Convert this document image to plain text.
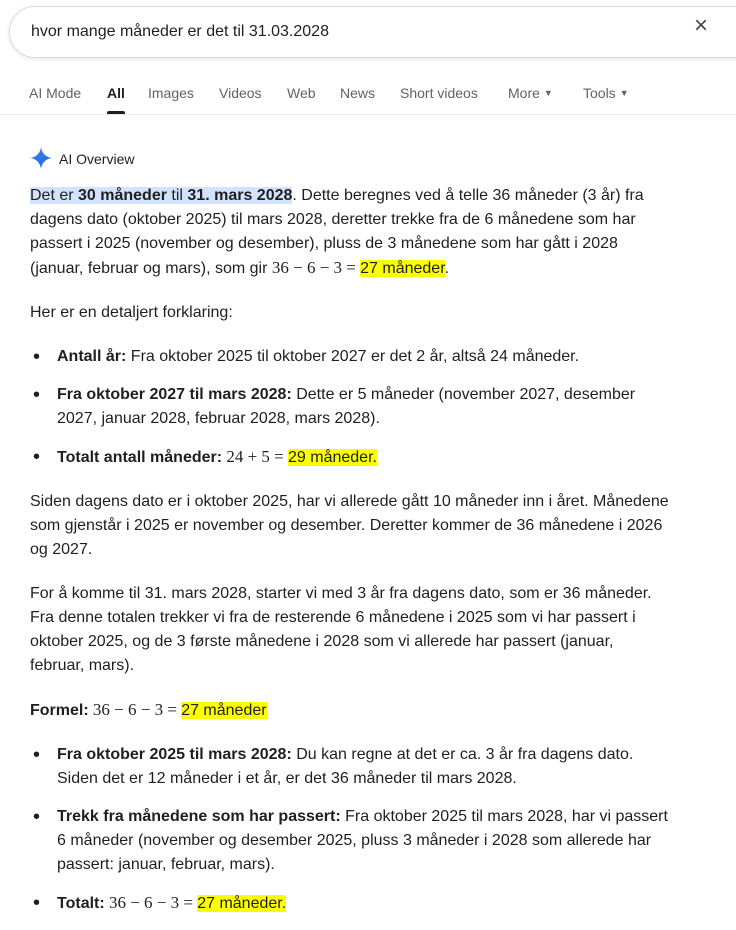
hvor mange måneder er det til 31.03.2028	×
AI Mode All Images Videos Web News Short videos More ▼ Tools ▼
AI Overview

Det er 30 måneder til 31. mars 2028. Dette beregnes ved å telle 36 måneder (3 år) fra dagens dato (oktober 2025) til mars 2028, deretter trekke fra de 6 månedene som har passert i 2025 (november og desember), pluss de 3 månedene som har gått i 2028 (januar, februar og mars), som gir 36 − 6 − 3 = 27 måneder.

Her er en detaljert forklaring:

• Antall år: Fra oktober 2025 til oktober 2027 er det 2 år, altså 24 måneder.
• Fra oktober 2027 til mars 2028: Dette er 5 måneder (november 2027, desember 2027, januar 2028, februar 2028, mars 2028).
• Totalt antall måneder: 24 + 5 = 29 måneder.

Siden dagens dato er i oktober 2025, har vi allerede gått 10 måneder inn i året. Månedene som gjenstår i 2025 er november og desember. Deretter kommer de 36 månedene i 2026 og 2027.

For å komme til 31. mars 2028, starter vi med 3 år fra dagens dato, som er 36 måneder. Fra denne totalen trekker vi fra de resterende 6 månedene i 2025 som vi har passert i oktober 2025, og de 3 første månedene i 2028 som vi allerede har passert (januar, februar, mars).

Formel: 36 − 6 − 3 = 27 måneder

• Fra oktober 2025 til mars 2028: Du kan regne at det er ca. 3 år fra dagens dato. Siden det er 12 måneder i et år, er det 36 måneder til mars 2028.
• Trekk fra månedene som har passert: Fra oktober 2025 til mars 2028, har vi passert 6 måneder (november og desember 2025, pluss 3 måneder i 2028 som allerede har passert: januar, februar, mars).
• Totalt: 36 − 6 − 3 = 27 måneder.
